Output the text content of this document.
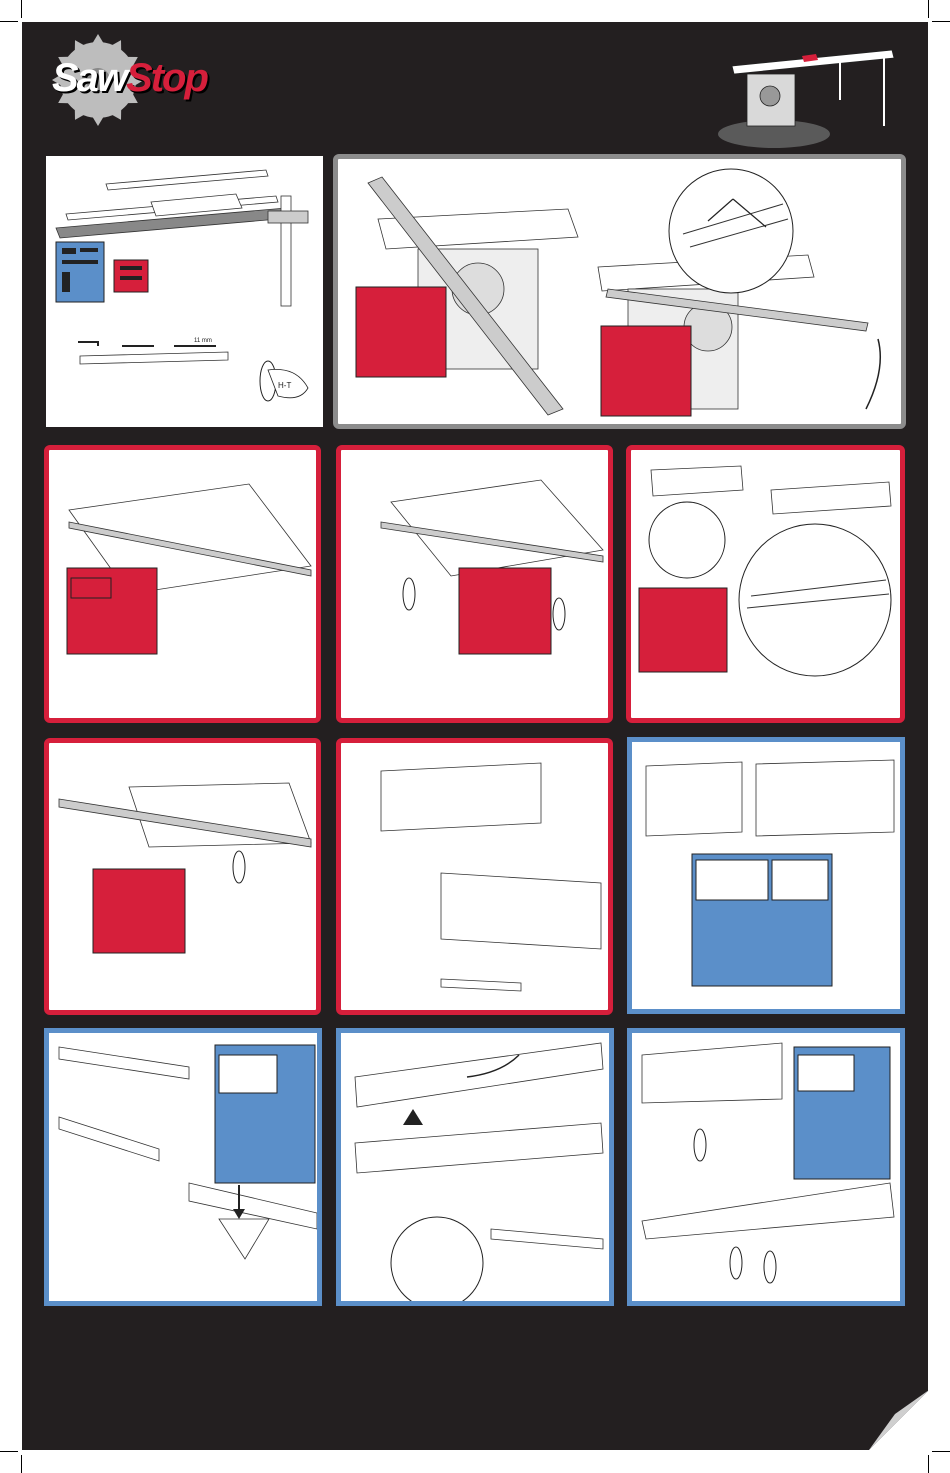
SawStop
11 mm
H-T
